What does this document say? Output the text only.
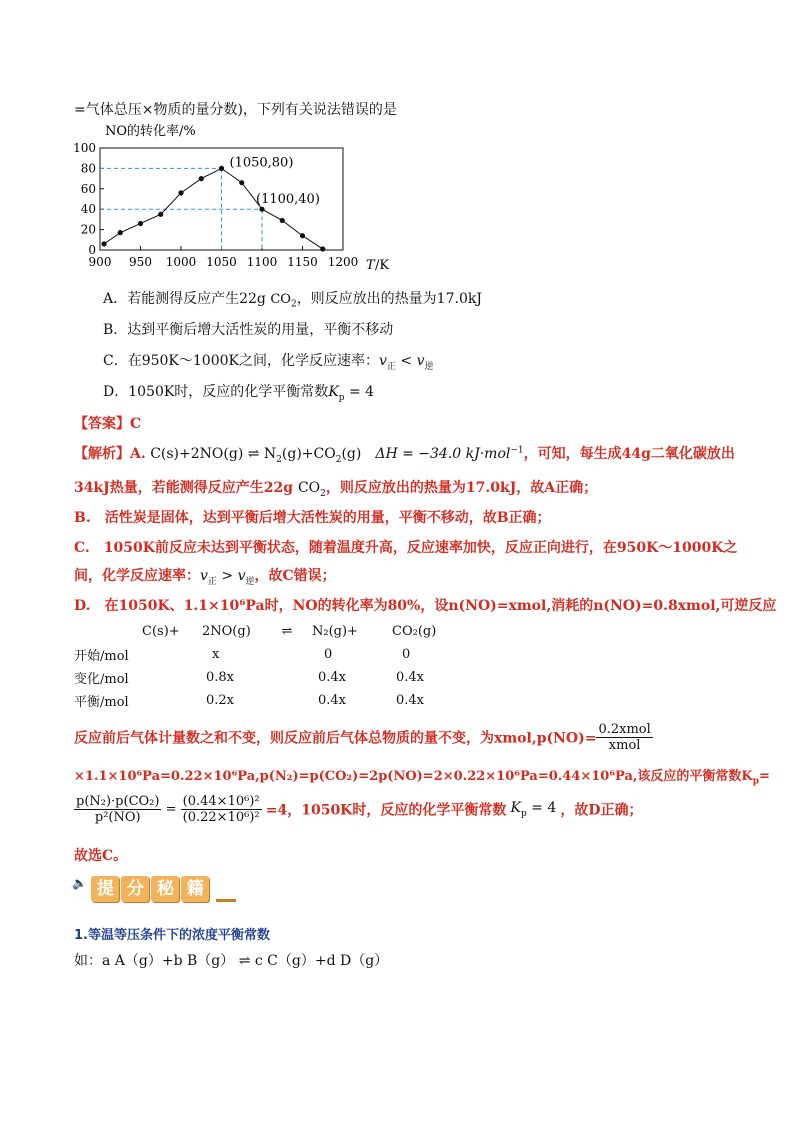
=气体总压×物质的量分数)，下列有关说法错误的是
NO的转化率/%
T /K
0
20
40
60
80
100
900 950 1000 1050 1100 1150 1200
(1050,80)
(1100,40)
A．若能测得反应产生22g $CO_2$，则反应放出的热量为17.0kJ
B．达到平衡后增大活性炭的用量，平衡不移动
C．在950K～1000K之间，化学反应速率：$v_正 < v_逆$
D．1050K时，反应的化学平衡常数$K_p = 4$
【答案】C
【解析】A. C(s)+2NO(g) ⇌ $N_2(g)+CO_2(g)$　 ΔH = −34.0 kJ·mol$^{-1}$，可知，每生成44g二氧化碳放出
34kJ热量，若能测得反应产生22g $CO_2$，则反应放出的热量为17.0kJ，故A正确；
B.　活性炭是固体，达到平衡后增大活性炭的用量，平衡不移动，故B正确；
C.　1050K前反应未达到平衡状态，随着温度升高，反应速率加快，反应正向进行，在950K～1000K之
间，化学反应速率：$v_正 > v_逆$，故C错误；
D.　在1050K、1.1×10⁶Pa时，NO的转化率为80%，设n(NO)=xmol,消耗的n(NO)=0.8xmol,可逆反应
	C(s)+	2NO(g)	⇌	N₂(g)+	CO₂(g)
开始/mol		x		0	0
变化/mol		0.8x		0.4x	0.4x
平衡/mol		0.2x		0.4x	0.4x
反应前后气体计量数之和不变，则反应前后气体总物质的量不变，为xmol,p(NO)= $\frac{\text{0.2xmol}}{\text{xmol}}$
×1.1×10⁶Pa=0.22×10⁶Pa,p(N₂)=p(CO₂)=2p(NO)=2×0.22×10⁶Pa=0.44×10⁶Pa,该反应的平衡常数$K_p=$
$\frac{\text{p(N₂)·p(CO₂)}}{\text{p²(NO)}} = \frac{\text{(0.44×10⁶)²}}{\text{(0.22×10⁶)²}} =4$，1050K时，反应的化学平衡常数 $K_p = 4$ ，故D正确；
故选C。
🔈 提 分 秘 籍
1.等温等压条件下的浓度平衡常数
如：a A（g）+b B（g） ⇌ c C（g）+d D（g）
